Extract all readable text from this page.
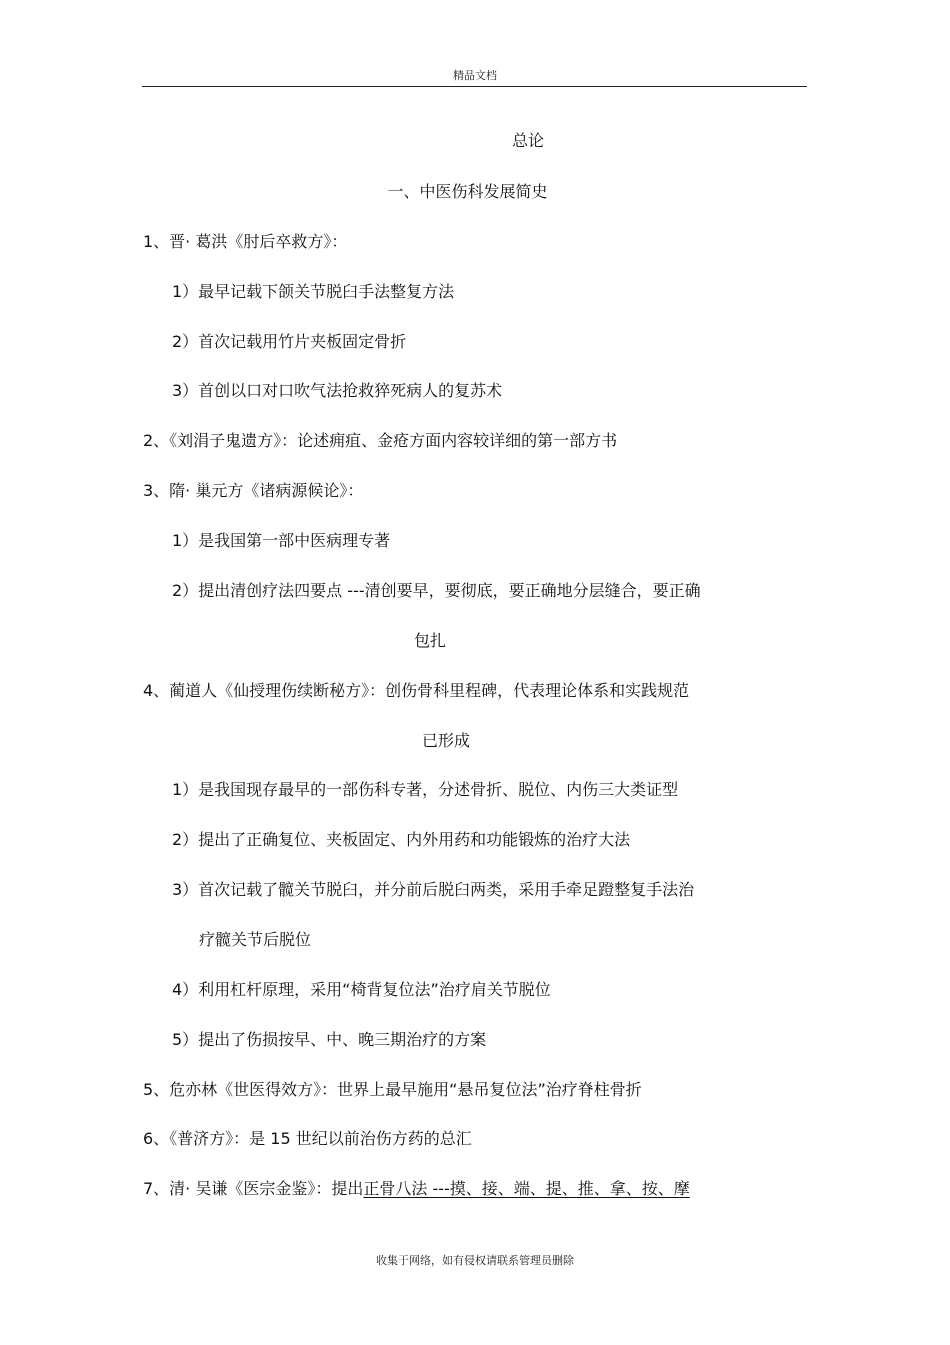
精品文档
总论
一、中医伤科发展简史
1、晋· 葛洪《肘后卒救方》：
1）最早记载下颌关节脱臼手法整复方法
2）首次记载用竹片夹板固定骨折
3）首创以口对口吹气法抢救猝死病人的复苏术
2、《刘涓子鬼遗方》：论述痈疽、金疮方面内容较详细的第一部方书
3、隋· 巢元方《诸病源候论》：
1）是我国第一部中医病理专著
2）提出清创疗法四要点 ---清创要早，要彻底，要正确地分层缝合，要正确
包扎
4、蔺道人《仙授理伤续断秘方》：创伤骨科里程碑，代表理论体系和实践规范
已形成
1）是我国现存最早的一部伤科专著，分述骨折、脱位、内伤三大类证型
2）提出了正确复位、夹板固定、内外用药和功能锻炼的治疗大法
3）首次记载了髋关节脱臼，并分前后脱臼两类，采用手牵足蹬整复手法治
疗髋关节后脱位
4）利用杠杆原理，采用“椅背复位法”治疗肩关节脱位
5）提出了伤损按早、中、晚三期治疗的方案
5、危亦林《世医得效方》：世界上最早施用“悬吊复位法”治疗脊柱骨折
6、《普济方》：是 15 世纪以前治伤方药的总汇
7、清· 吴谦《医宗金鉴》：提出正骨八法 ---摸、接、端、提、推、拿、按、摩
收集于网络，如有侵权请联系管理员删除
